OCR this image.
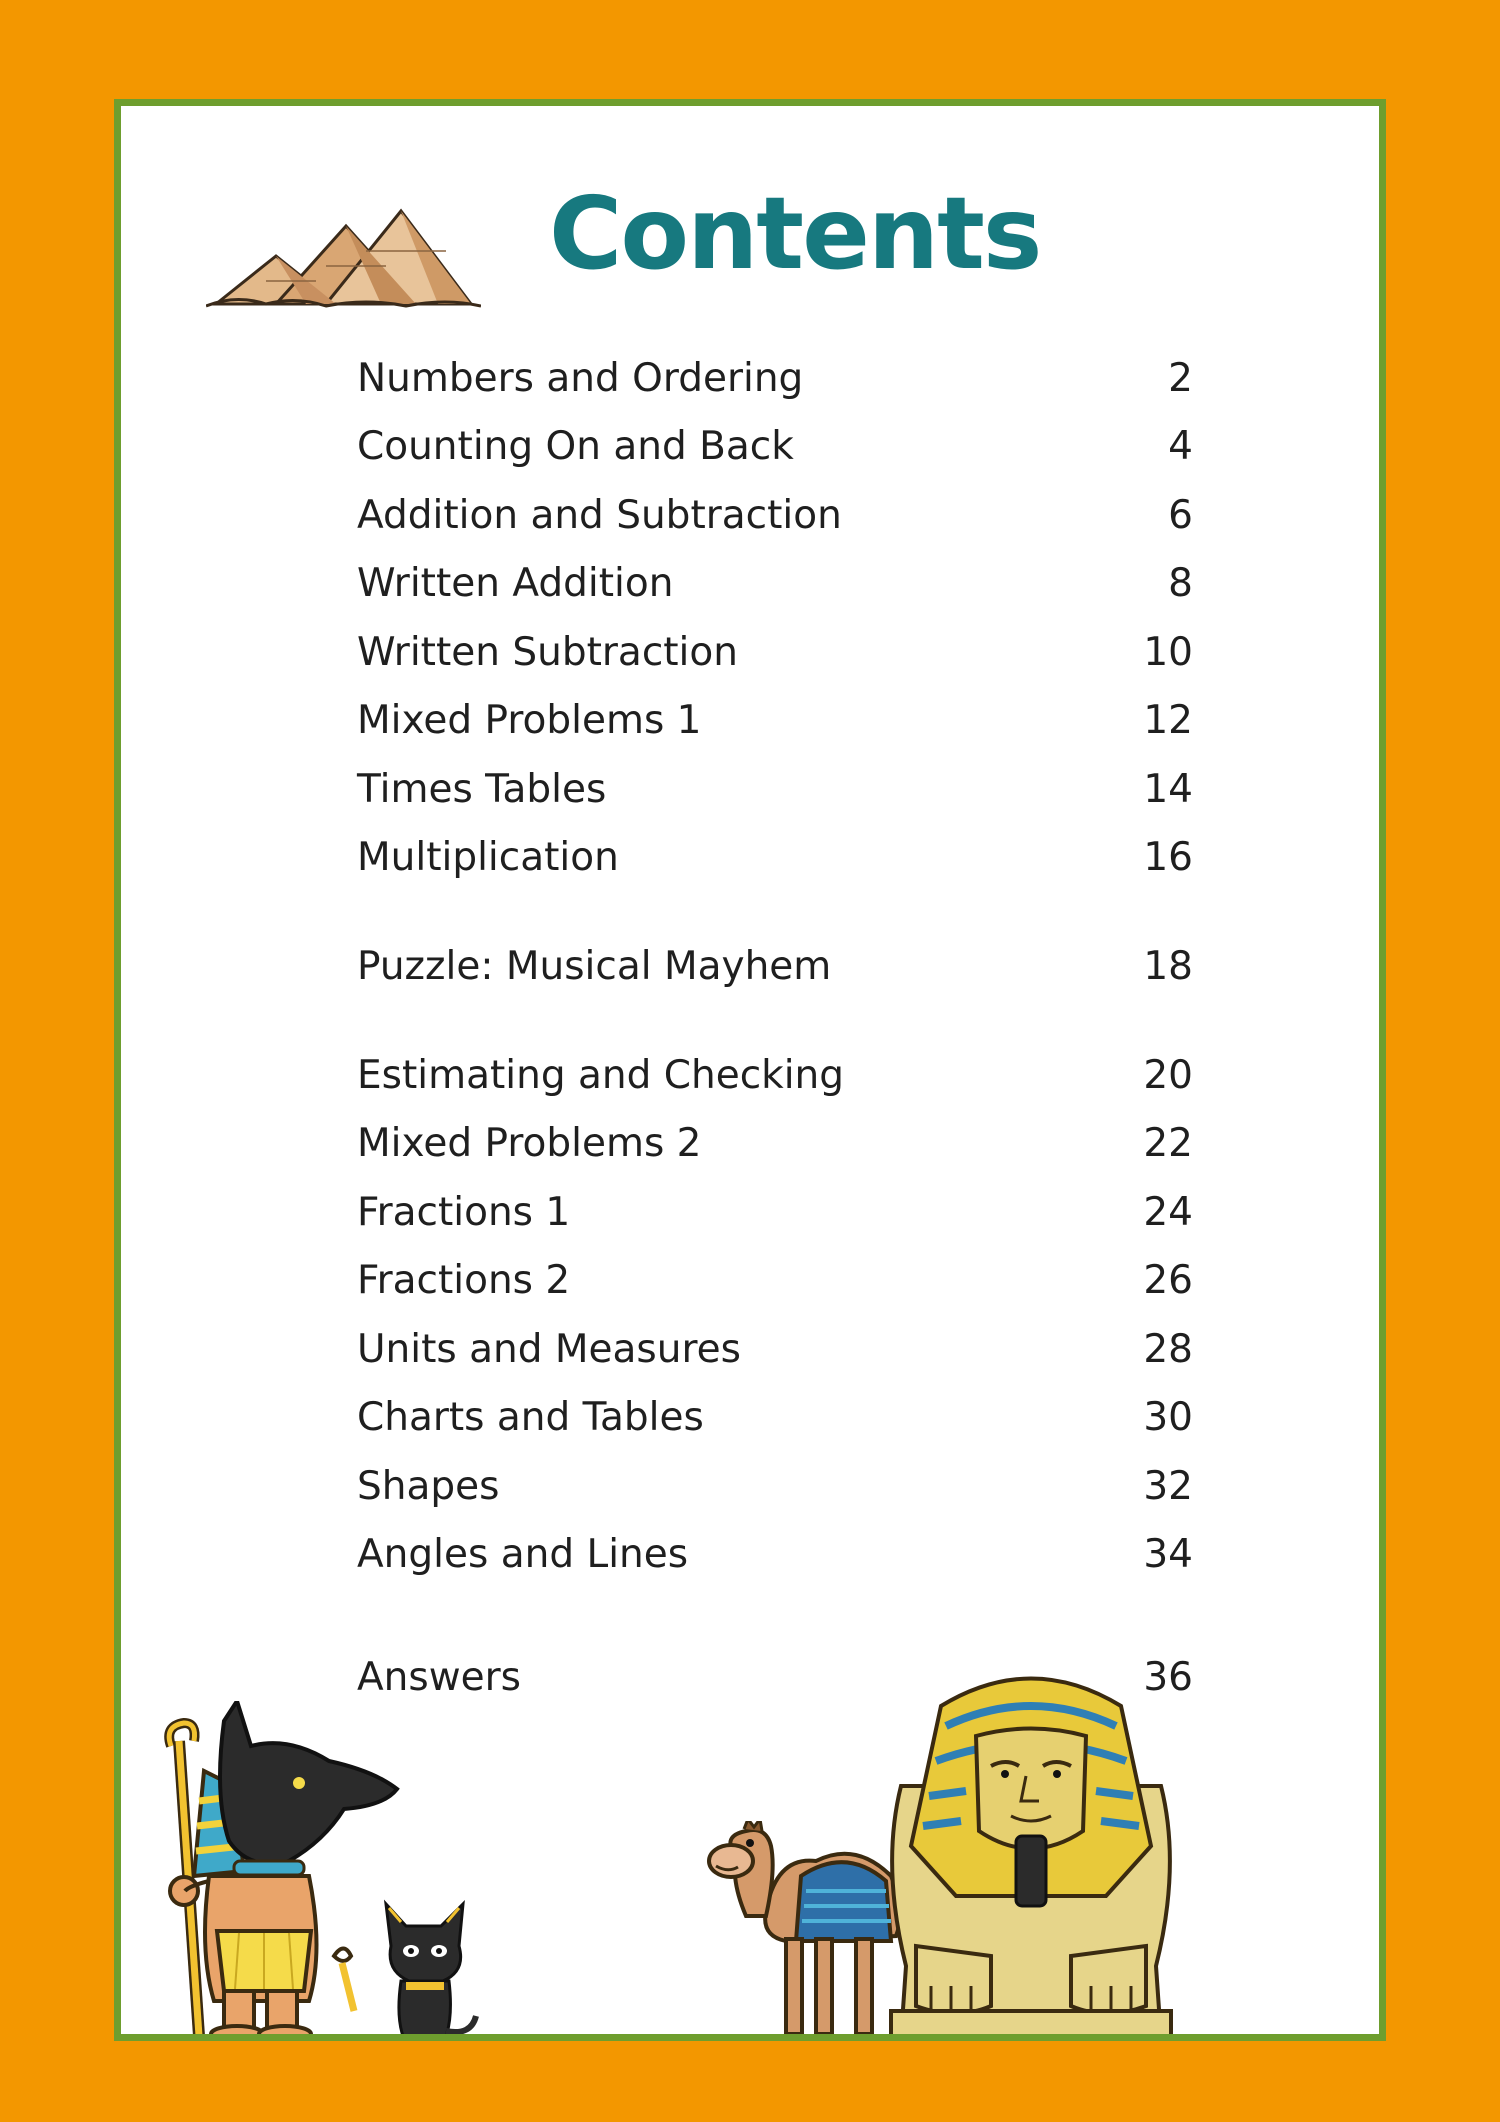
Contents
Numbers and Ordering	2
Counting On and Back	4
Addition and Subtraction	6
Written Addition	8
Written Subtraction	10
Mixed Problems 1	12
Times Tables	14
Multiplication	16
Puzzle: Musical Mayhem	18
Estimating and Checking	20
Mixed Problems 2	22
Fractions 1	24
Fractions 2	26
Units and Measures	28
Charts and Tables	30
Shapes	32
Angles and Lines	34
Answers	36
